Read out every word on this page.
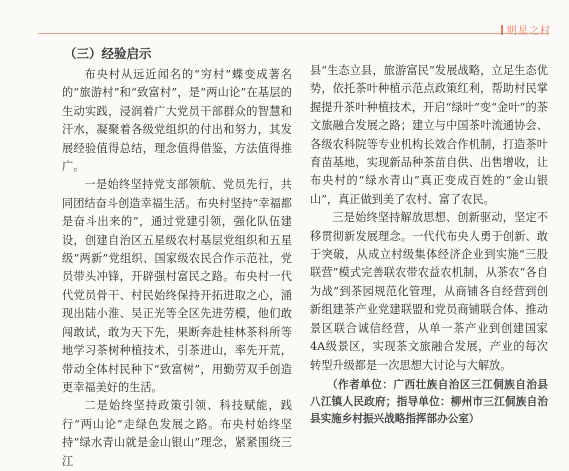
明星之村
（三）经验启示

布央村从远近闻名的“穷村”蝶变成著名的“旅游村”和“致富村”，是“两山论”在基层的生动实践，浸润着广大党员干部群众的智慧和汗水，凝聚着各级党组织的付出和努力，其发展经验值得总结，理念值得借鉴，方法值得推广。

一是始终坚持党支部领航、党员先行，共同团结奋斗创造幸福生活。布央村坚持“幸福都是奋斗出来的”，通过党建引领，强化队伍建设，创建自治区五星级农村基层党组织和五星级“两新”党组织、国家级农民合作示范社，党员带头冲锋，开辟强村富民之路。布央村一代代党员骨干、村民始终保持开拓进取之心，涌现出陆小淮、吴正光等全区先进劳模，他们敢闯敢试，敢为天下先，果断奔赴桂林茶科所等地学习茶树种植技术，引茶进山，率先开荒，带动全体村民种下“致富树”，用勤劳双手创造更幸福美好的生活。

二是始终坚持政策引领、科技赋能，践行“两山论”走绿色发展之路。布央村始终坚持“绿水青山就是金山银山”理念，紧紧围绕三江

县“生态立县，旅游富民”发展战略，立足生态优势，依托茶叶种植示范点政策红利，帮助村民掌握提升茶叶种植技术，开启“绿叶”变“金叶”的茶文旅融合发展之路；建立与中国茶叶流通协会、各级农科院等专业机构长效合作机制，打造茶叶育苗基地，实现新品种茶苗自供、出售增收，让布央村的“绿水青山”真正变成百姓的“金山银山”，真正做到美了农村、富了农民。

三是始终坚持解放思想、创新驱动，坚定不移贯彻新发展理念。一代代布央人勇于创新、敢于突破，从成立村级集体经济企业到实施“三股联营”模式完善联农带农益农机制，从茶农“各自为战”到茶园规范化管理，从商铺各自经营到创新组建茶产业党建联盟和党员商铺联合体、推动景区联合诚信经营，从单一茶产业到创建国家4A级景区，实现茶文旅融合发展，产业的每次转型升级都是一次思想大讨论与大解放。

（作者单位：广西壮族自治区三江侗族自治县八江镇人民政府；指导单位：柳州市三江侗族自治县实施乡村振兴战略指挥部办公室）
